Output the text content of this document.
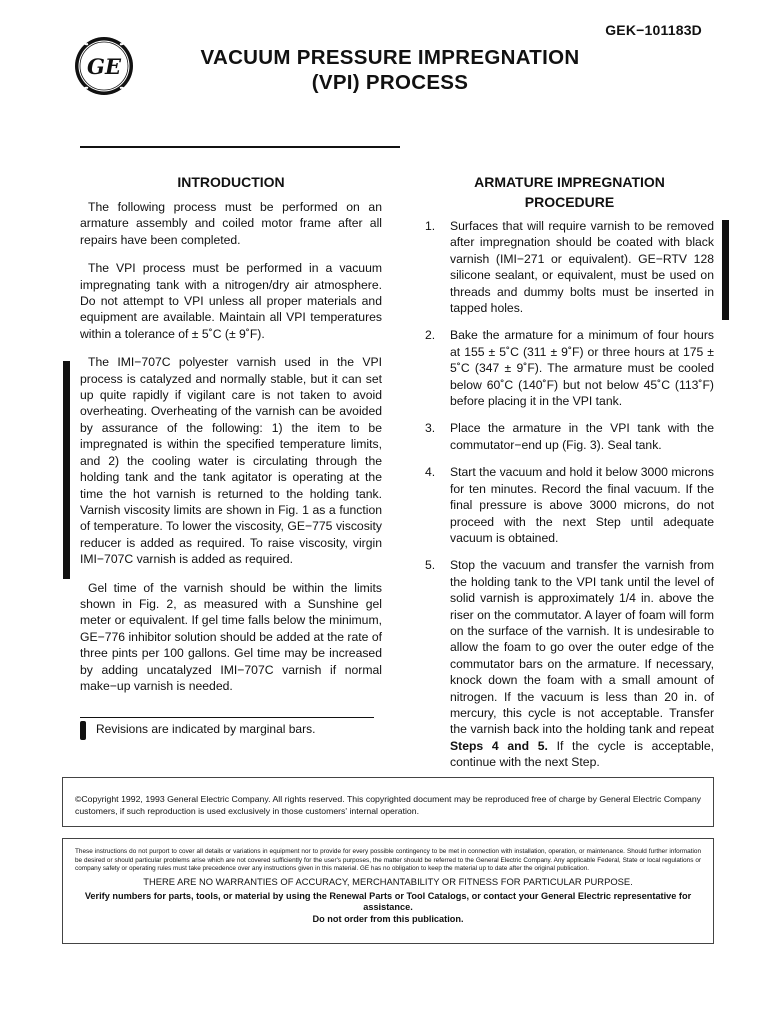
GEK−101183D
GE	VACUUM PRESSURE IMPREGNATION
(VPI) PROCESS
INTRODUCTION

The following process must be performed on an armature assembly and coiled motor frame after all repairs have been completed.

The VPI process must be performed in a vacuum impregnating tank with a nitrogen/dry air atmosphere. Do not attempt to VPI unless all proper materials and equipment are available. Maintain all VPI temperatures within a tolerance of ± 5˚C (± 9˚F).

The IMI−707C polyester varnish used in the VPI process is catalyzed and normally stable, but it can set up quite rapidly if vigilant care is not taken to avoid overheating. Overheating of the varnish can be avoided by assurance of the following: 1) the item to be impregnated is within the specified temperature limits, and 2) the cooling water is circulating through the holding tank and the tank agitator is operating at the time the hot varnish is returned to the holding tank. Varnish viscosity limits are shown in Fig. 1 as a function of temperature. To lower the viscosity, GE−775 viscosity reducer is added as required. To raise viscosity, virgin IMI−707C varnish is added as required.

Gel time of the varnish should be within the limits shown in Fig. 2, as measured with a Sunshine gel meter or equivalent. If gel time falls below the minimum, GE−776 inhibitor solution should be added at the rate of three pints per 100 gallons. Gel time may be increased by adding uncatalyzed IMI−707C varnish if normal make−up varnish is needed.

Revisions are indicated by marginal bars.
ARMATURE IMPREGNATION
PROCEDURE
1. Surfaces that will require varnish to be removed after impregnation should be coated with black varnish (IMI−271 or equivalent). GE−RTV 128 silicone sealant, or equivalent, must be used on threads and dummy bolts must be inserted in tapped holes.
2. Bake the armature for a minimum of four hours at 155 ± 5˚C (311 ± 9˚F) or three hours at 175 ± 5˚C (347 ± 9˚F). The armature must be cooled below 60˚C (140˚F) but not below 45˚C (113˚F) before placing it in the VPI tank.
3. Place the armature in the VPI tank with the commutator−end up (Fig. 3). Seal tank.
4. Start the vacuum and hold it below 3000 microns for ten minutes. Record the final vacuum. If the final pressure is above 3000 microns, do not proceed with the next Step until adequate vacuum is obtained.
5. Stop the vacuum and transfer the varnish from the holding tank to the VPI tank until the level of solid varnish is approximately 1/4 in. above the riser on the commutator. A layer of foam will form on the surface of the varnish. It is undesirable to allow the foam to go over the outer edge of the commutator bars on the armature. If necessary, knock down the foam with a small amount of nitrogen. If the vacuum is less than 20 in. of mercury, this cycle is not acceptable. Transfer the varnish back into the holding tank and repeat Steps 4 and 5. If the cycle is acceptable, continue with the next Step.
©Copyright 1992, 1993 General Electric Company. All rights reserved. This copyrighted document may be reproduced free of charge by General Electric Company customers, if such reproduction is used exclusively in those customers' internal operation.
These instructions do not purport to cover all details or variations in equipment nor to provide for every possible contingency to be met in connection with installation, operation, or maintenance. Should further information be desired or should particular problems arise which are not covered sufficiently for the user's purposes, the matter should be referred to the General Electric Company. Any applicable Federal, State or local regulations or company safety or operating rules must take precedence over any instructions given in this material. GE has no obligation to keep the material up to date after the original publication.
THERE ARE NO WARRANTIES OF ACCURACY, MERCHANTABILITY OR FITNESS FOR PARTICULAR PURPOSE.
Verify numbers for parts, tools, or material by using the Renewal Parts or Tool Catalogs, or contact your General Electric representative for assistance.
Do not order from this publication.
